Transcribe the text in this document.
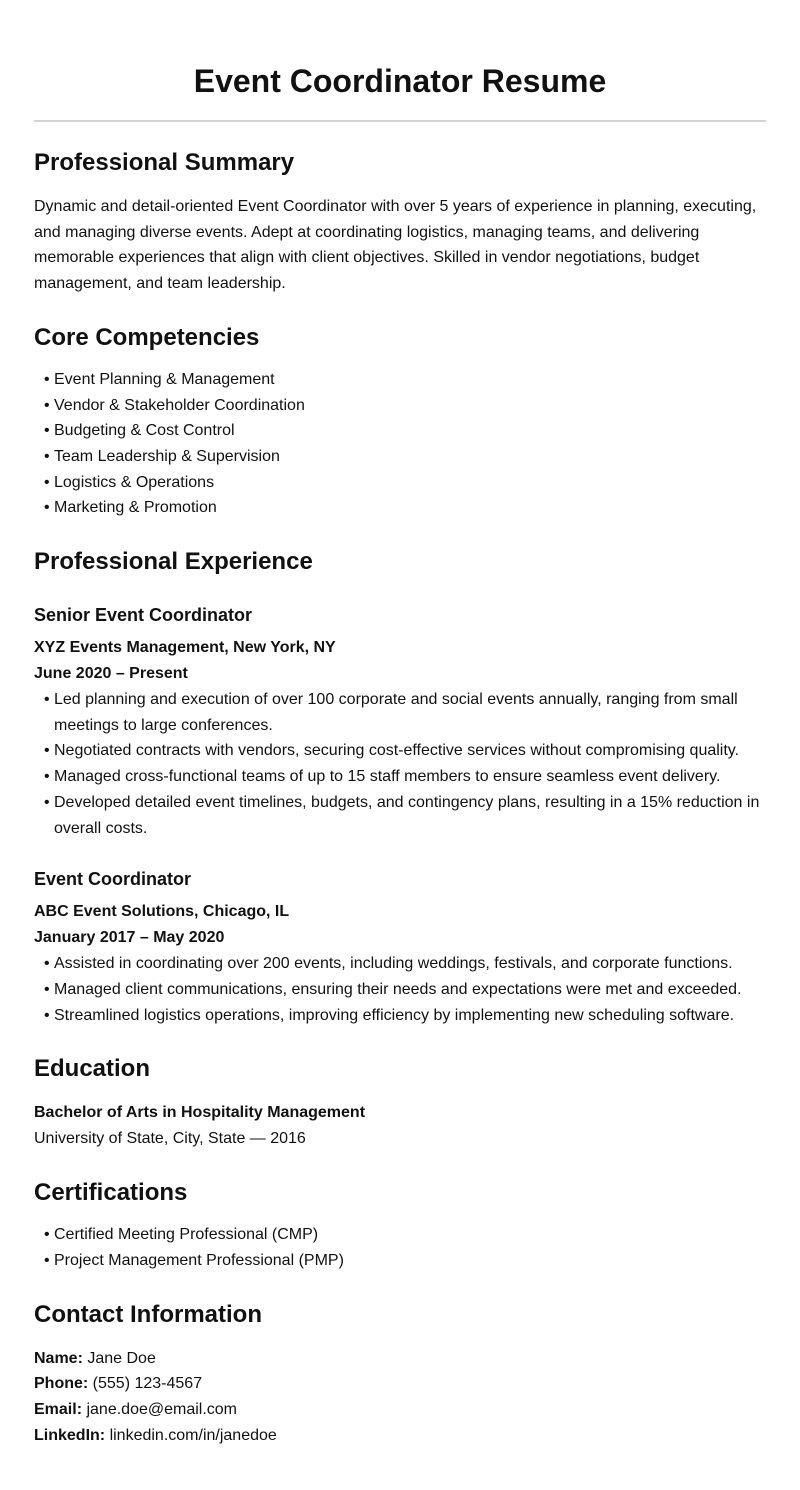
Event Coordinator Resume
Professional Summary

Dynamic and detail-oriented Event Coordinator with over 5 years of experience in planning, executing, and managing diverse events. Adept at coordinating logistics, managing teams, and delivering memorable experiences that align with client objectives. Skilled in vendor negotiations, budget management, and team leadership.

Core Competencies
• Event Planning & Management
• Vendor & Stakeholder Coordination
• Budgeting & Cost Control
• Team Leadership & Supervision
• Logistics & Operations
• Marketing & Promotion
Professional Experience
Senior Event Coordinator
XYZ Events Management, New York, NY
June 2020 – Present
• Led planning and execution of over 100 corporate and social events annually, ranging from small meetings to large conferences.
• Negotiated contracts with vendors, securing cost-effective services without compromising quality.
• Managed cross-functional teams of up to 15 staff members to ensure seamless event delivery.
• Developed detailed event timelines, budgets, and contingency plans, resulting in a 15% reduction in overall costs.
Event Coordinator
ABC Event Solutions, Chicago, IL
January 2017 – May 2020
• Assisted in coordinating over 200 events, including weddings, festivals, and corporate functions.
• Managed client communications, ensuring their needs and expectations were met and exceeded.
• Streamlined logistics operations, improving efficiency by implementing new scheduling software.
Education
Bachelor of Arts in Hospitality Management
University of State, City, State — 2016
Certifications
• Certified Meeting Professional (CMP)
• Project Management Professional (PMP)
Contact Information
Name: Jane Doe
Phone: (555) 123-4567
Email: jane.doe@email.com
LinkedIn: linkedin.com/in/janedoe
